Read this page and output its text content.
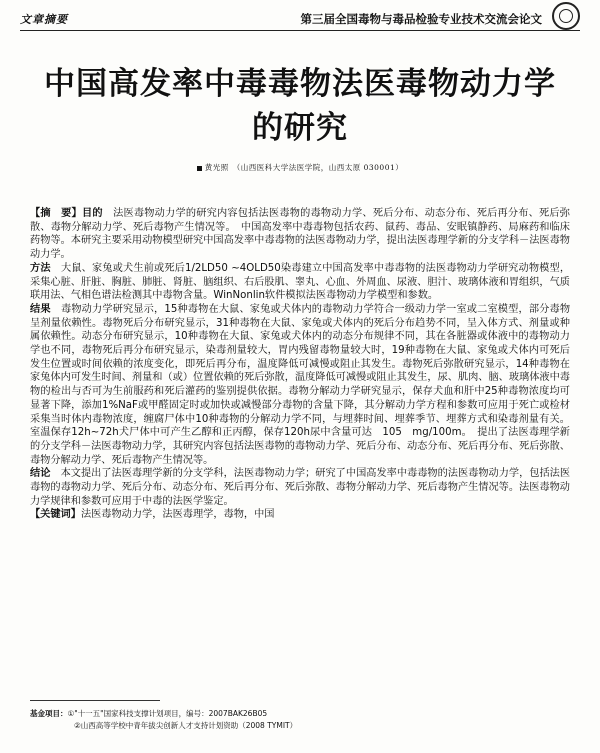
文章摘要	第三届全国毒物与毒品检验专业技术交流会论文
中国高发率中毒毒物法医毒物动力学的研究
黄光照 （山西医科大学法医学院，山西太原 030001）

【摘　要】目的　 法医毒物动力学的研究内容包括法医毒物的毒物动力学、死后分布、动态分布、死后再分布、死后弥散、毒物分解动力学、死后毒物产生情况等。　中国高发率中毒毒物包括农药、鼠药、毒品、安眠镇静药、局麻药和临床药物等。本研究主要采用动物模型研究中国高发率中毒毒物的法医毒物动力学，提出法医毒理学新的分支学科－法医毒物动力学。

方法　 大鼠、家兔或犬生前或死后1/2LD50 ~4OLD50染毒建立中国高发率中毒毒物的法医毒物动力学研究动物模型，采集心脏、肝脏、胸脏、肺脏、肾脏、脑组织、右后股肌、睾丸、心血、外周血、尿液、胆汁、玻璃体液和胃组织，气质联用法、气相色谱法检测其中毒物含量。WinNonlin软件模拟法医毒物动力学模型和参数。

结果　 毒物动力学研究显示，15种毒物在大鼠、家兔或犬体内的毒物动力学符合一级动力学一室或二室模型，部分毒物呈剂量依赖性。毒物死后分布研究显示，31种毒物在大鼠、家兔或犬体内的死后分布趋势不同，呈入体方式、剂量或种属依赖性。动态分布研究显示，10种毒物在大鼠、家兔或犬体内的动态分布规律不同，其在各脏器或体液中的毒物动力学也不同，毒物死后再分布研究显示，染毒剂量较大，胃内残留毒物量较大时，19种毒物在大鼠、家兔或犬体内可死后发生位置或时间依赖的浓度变化，即死后再分布，温度降低可减慢或阻止其发生。毒物死后弥散研究显示，14种毒物在家兔体内可发生时间、剂量和（或）位置依赖的死后弥散，温度降低可减慢或阻止其发生，尿、肌肉、脑、玻璃体液中毒物的检出与否可为生前服药和死后灌药的鉴别提供依据。毒物分解动力学研究显示，保存犬血和肝中25种毒物浓度均可显著下降，添加1%NaF或甲醛固定时或加快或减慢部分毒物的含量下降，其分解动力学方程和参数可应用于死亡或检材采集当时体内毒物浓度，缠腐尸体中10种毒物的分解动力学不同，与埋葬时间、埋葬季节、埋葬方式和染毒剂量有关。室温保存12h~72h犬尸体中可产生乙醇和正丙醇，保存120h尿中含量可达　105　mg/100m。　提出了法医毒理学新的分支学科－法医毒物动力学，其研究内容包括法医毒物的毒物动力学、死后分布、动态分布、死后再分布、死后弥散、毒物分解动力学、死后毒物产生情况等。

结论　 本文提出了法医毒理学新的分支学科，法医毒物动力学；研究了中国高发率中毒毒物的法医毒物动力学，包括法医毒物的毒物动力学、死后分布、动态分布、死后再分布、死后弥散、毒物分解动力学、死后毒物产生情况等。法医毒物动力学规律和参数可应用于中毒的法医学鉴定。

【关键词】法医毒物动力学，法医毒理学，毒物，中国

基金项目：①"十一五"国家科技支撑计划项目，编号：2007BAK26B05
②山西高等学校中青年拔尖创新人才支持计划资助（2008 TYMIT）
